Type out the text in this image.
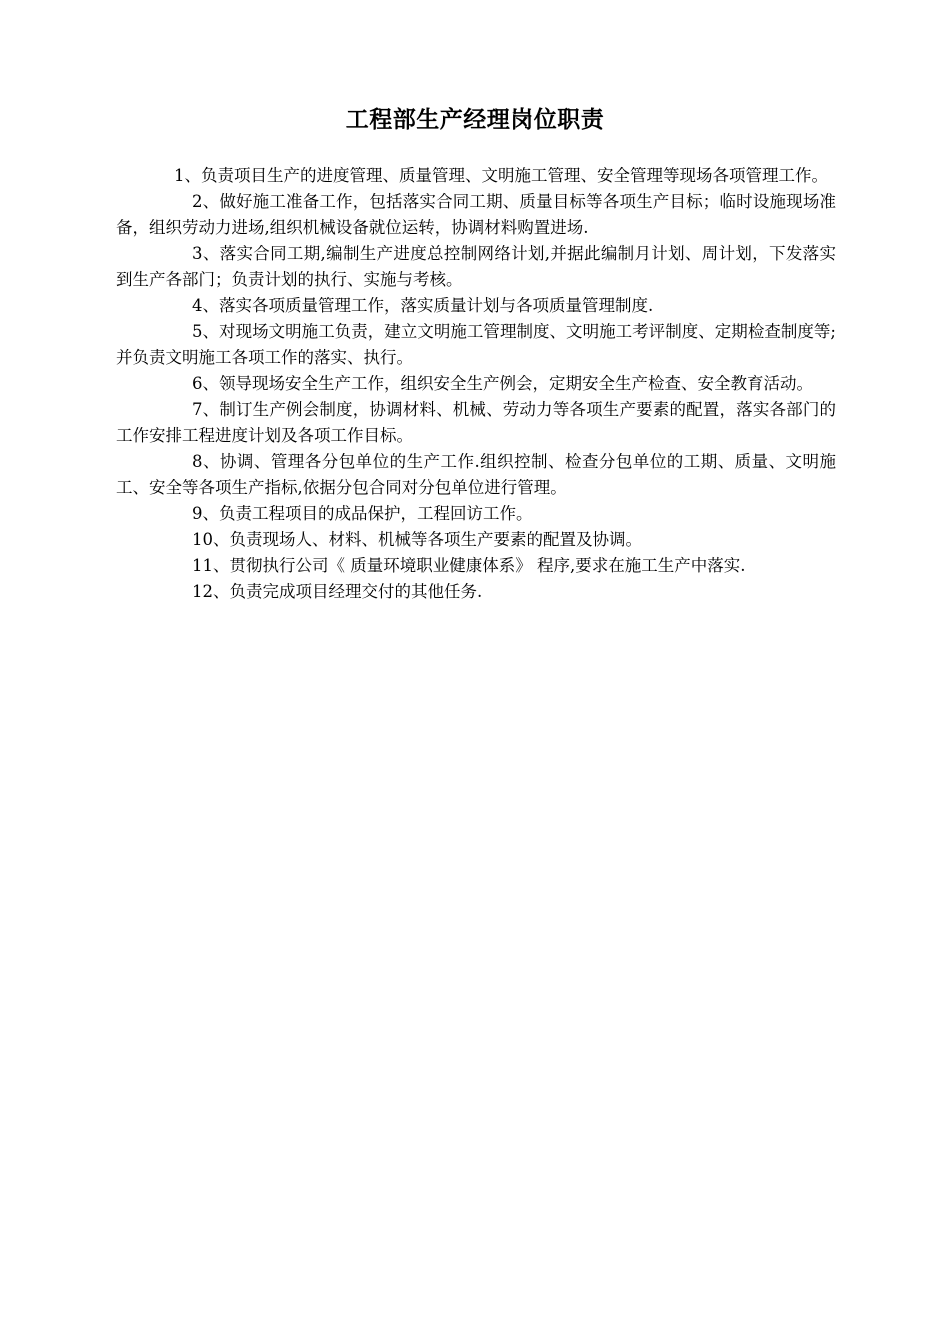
工程部生产经理岗位职责

1、负责项目生产的进度管理、质量管理、文明施工管理、安全管理等现场各项管理工作。

2、做好施工准备工作，包括落实合同工期、质量目标等各项生产目标；临时设施现场准备，组织劳动力进场,组织机械设备就位运转，协调材料购置进场.

3、落实合同工期,编制生产进度总控制网络计划,并据此编制月计划、周计划，下发落实到生产各部门；负责计划的执行、实施与考核。

4、落实各项质量管理工作，落实质量计划与各项质量管理制度.

5、对现场文明施工负责，建立文明施工管理制度、文明施工考评制度、定期检查制度等;并负责文明施工各项工作的落实、执行。

6、领导现场安全生产工作，组织安全生产例会，定期安全生产检查、安全教育活动。

7、制订生产例会制度，协调材料、机械、劳动力等各项生产要素的配置，落实各部门的工作安排工程进度计划及各项工作目标。

8、协调、管理各分包单位的生产工作.组织控制、检查分包单位的工期、质量、文明施工、安全等各项生产指标,依据分包合同对分包单位进行管理。

9、负责工程项目的成品保护，工程回访工作。

10、负责现场人、材料、机械等各项生产要素的配置及协调。

11、贯彻执行公司《 质量环境职业健康体系》 程序,要求在施工生产中落实.

12、负责完成项目经理交付的其他任务.
